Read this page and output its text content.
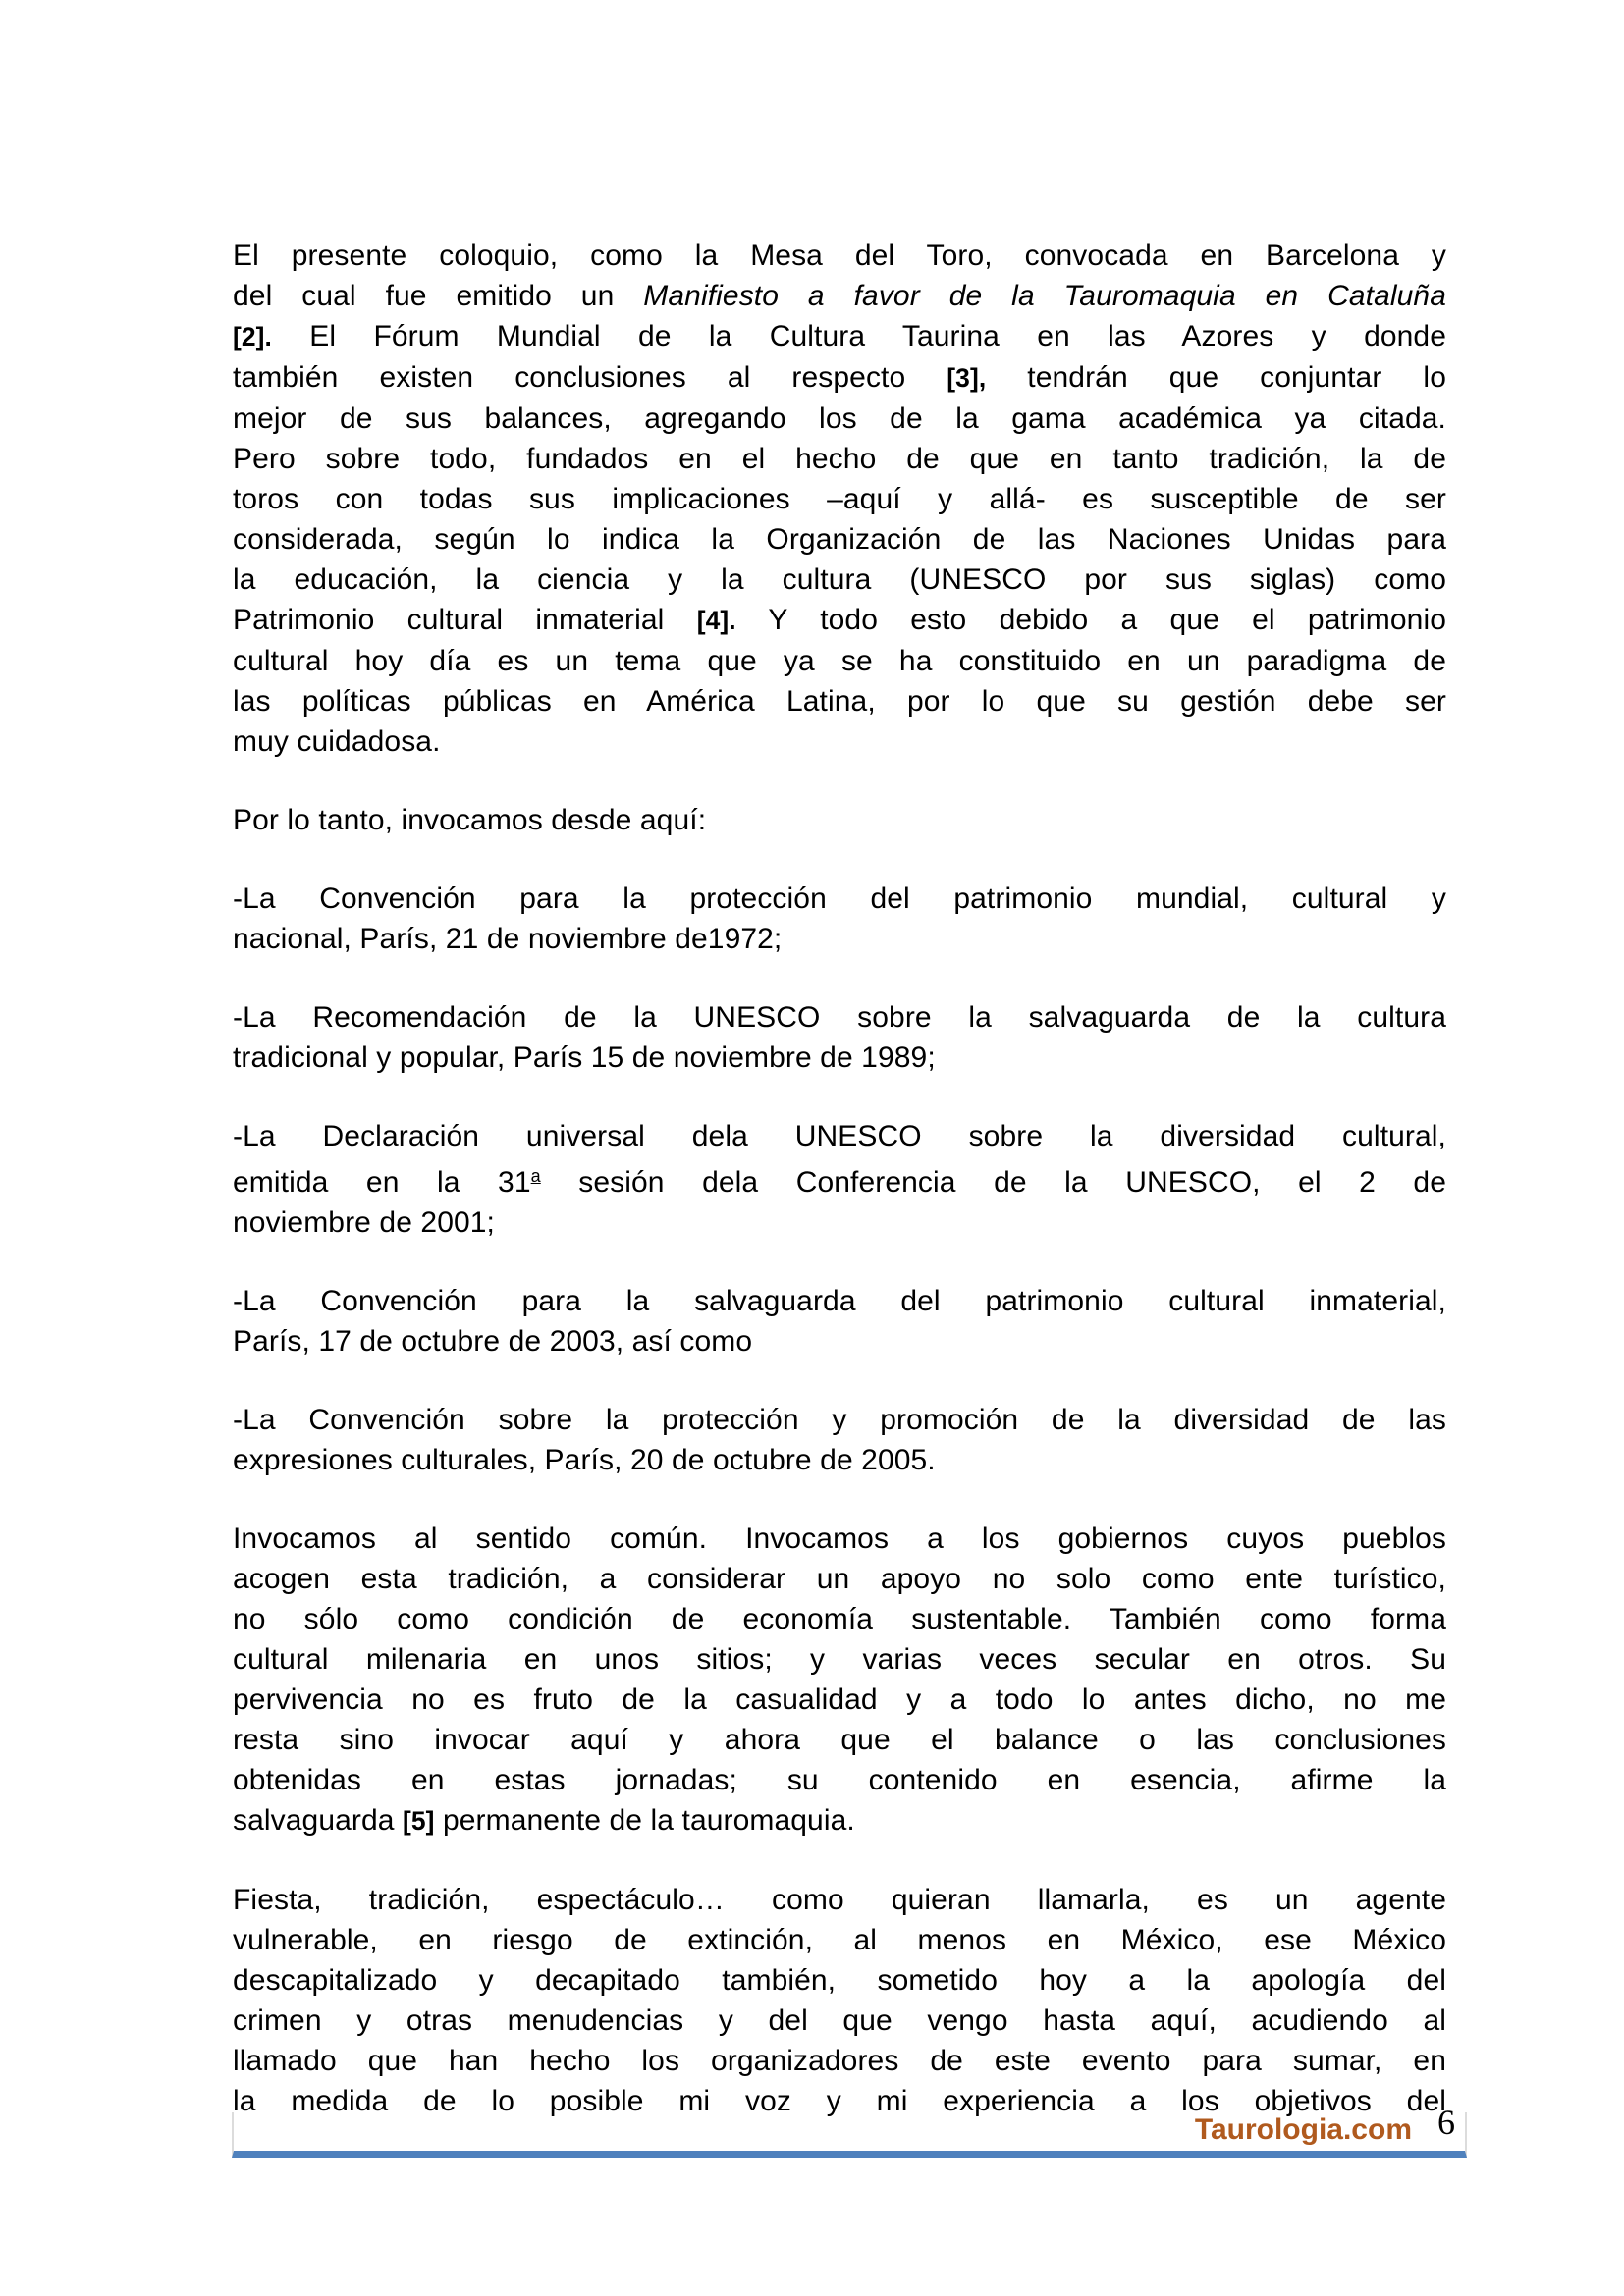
El presente coloquio, como la Mesa del Toro, convocada en Barcelona y
del cual fue emitido un Manifiesto a favor de la Tauromaquia en Cataluña
[2]. El Fórum Mundial de la Cultura Taurina en las Azores y donde
también existen conclusiones al respecto [3], tendrán que conjuntar lo
mejor de sus balances, agregando los de la gama académica ya citada.
Pero sobre todo, fundados en el hecho de que en tanto tradición, la de
toros con todas sus implicaciones –aquí y allá- es susceptible de ser
considerada, según lo indica la Organización de las Naciones Unidas para
la educación, la ciencia y la cultura (UNESCO por sus siglas) como
Patrimonio cultural inmaterial [4]. Y todo esto debido a que el patrimonio
cultural hoy día es un tema que ya se ha constituido en un paradigma de
las políticas públicas en América Latina, por lo que su gestión debe ser
muy cuidadosa.
Por lo tanto, invocamos desde aquí:
-La Convención para la protección del patrimonio mundial, cultural y
nacional, París, 21 de noviembre de1972;
-La Recomendación de la UNESCO sobre la salvaguarda de la cultura
tradicional y popular, París 15 de noviembre de 1989;
-La Declaración universal dela UNESCO sobre la diversidad cultural,
emitida en la 31$^a$ sesión dela Conferencia de la UNESCO, el 2 de
noviembre de 2001;
-La Convención para la salvaguarda del patrimonio cultural inmaterial,
París, 17 de octubre de 2003, así como
-La Convención sobre la protección y promoción de la diversidad de las
expresiones culturales, París, 20 de octubre de 2005.
Invocamos al sentido común. Invocamos a los gobiernos cuyos pueblos
acogen esta tradición, a considerar un apoyo no solo como ente turístico,
no sólo como condición de economía sustentable. También como forma
cultural milenaria en unos sitios; y varias veces secular en otros. Su
pervivencia no es fruto de la casualidad y a todo lo antes dicho, no me
resta sino invocar aquí y ahora que el balance o las conclusiones
obtenidas en estas jornadas; su contenido en esencia, afirme la
salvaguarda [5] permanente de la tauromaquia.
Fiesta, tradición, espectáculo… como quieran llamarla, es un agente
vulnerable, en riesgo de extinción, al menos en México, ese México
descapitalizado y decapitado también, sometido hoy a la apología del
crimen y otras menudencias y del que vengo hasta aquí, acudiendo al
llamado que han hecho los organizadores de este evento para sumar, en
la medida de lo posible mi voz y mi experiencia a los objetivos del
Taurologia.com 6
